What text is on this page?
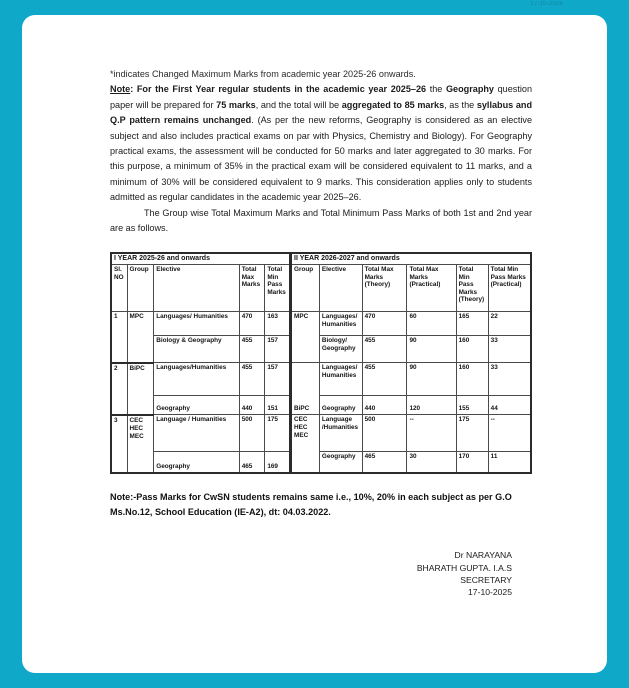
17-10-2025

*indicates Changed Maximum Marks from academic year 2025-26 onwards.

Note: For the First Year regular students in the academic year 2025–26 the Geography question paper will be prepared for 75 marks, and the total will be aggregated to 85 marks, as the syllabus and Q.P pattern remains unchanged. (As per the new reforms, Geography is considered as an elective subject and also includes practical exams on par with Physics, Chemistry and Biology). For Geography practical exams, the assessment will be conducted for 50 marks and later aggregated to 30 marks. For this purpose, a minimum of 35% in the practical exam will be considered equivalent to 11 marks, and a minimum of 30% will be considered equivalent to 9 marks. This consideration applies only to students admitted as regular candidates in the academic year 2025–26.

The Group wise Total Maximum Marks and Total Minimum Pass Marks of both 1st and 2nd year are as follows.

I YEAR 2025-26 and onwards					II YEAR 2026-2027 and onwards					
Sl. NO	Group	Elective	Total Max Marks	Total Min Pass Marks	Group	Elective	Total Max Marks (Theory)	Total Max Marks (Practical)	Total Min Pass Marks (Theory)	Total Min Pass Marks (Practical)
1	MPC	Languages/ Humanities	470	163	MPC	Languages/ Humanities	470	60	165	22
		Biology & Geography	455	157		Biology/ Geography	455	90	160	33
2	BiPC	Languages/Humanities	455	157	BiPC	Languages/ Humanities	455	90	160	33
		Geography	440	151		Geography	440	120	155	44
3	CEC HEC MEC	Language / Humanities	500	175	CEC HEC MEC	Language /Humanities	500	--	175	--
		Geography	465	169		Geography	465	30	170	11

Note:-Pass Marks for CwSN students remains same i.e., 10%, 20% in each subject as per G.O Ms.No.12, School Education (IE-A2), dt: 04.03.2022.

Dr NARAYANA
BHARATH GUPTA. I.A.S
SECRETARY
17-10-2025
